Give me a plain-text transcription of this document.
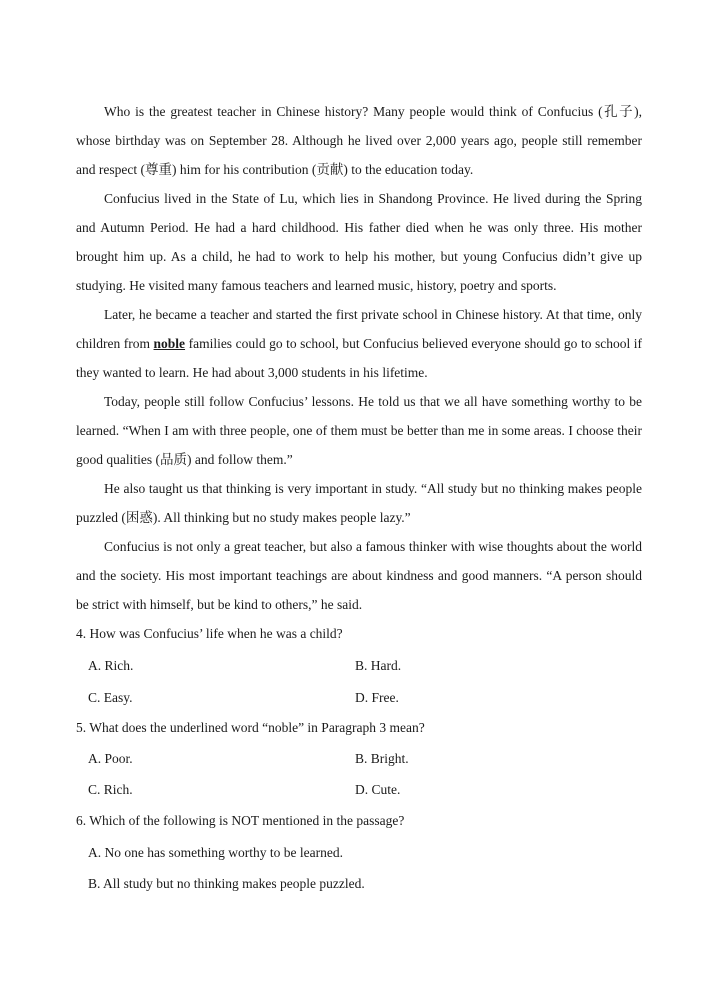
Who is the greatest teacher in Chinese history? Many people would think of Confucius (孔子), whose birthday was on September 28. Although he lived over 2,000 years ago, people still remember and respect (尊重) him for his contribution (贡献) to the education today.

Confucius lived in the State of Lu, which lies in Shandong Province. He lived during the Spring and Autumn Period. He had a hard childhood. His father died when he was only three. His mother brought him up. As a child, he had to work to help his mother, but young Confucius didn’t give up studying. He visited many famous teachers and learned music, history, poetry and sports.

Later, he became a teacher and started the first private school in Chinese history. At that time, only children from noble families could go to school, but Confucius believed everyone should go to school if they wanted to learn. He had about 3,000 students in his lifetime.

Today, people still follow Confucius’ lessons. He told us that we all have something worthy to be learned. “When I am with three people, one of them must be better than me in some areas. I choose their good qualities (品质) and follow them.”

He also taught us that thinking is very important in study. “All study but no thinking makes people puzzled (困惑). All thinking but no study makes people lazy.”

Confucius is not only a great teacher, but also a famous thinker with wise thoughts about the world and the society. His most important teachings are about kindness and good manners. “A person should be strict with himself, but be kind to others,” he said.

4. How was Confucius’ life when he was a child?
A. Rich.	B. Hard.
C. Easy.	D. Free.
5. What does the underlined word “noble” in Paragraph 3 mean?
A. Poor.	B. Bright.
C. Rich.	D. Cute.
6. Which of the following is NOT mentioned in the passage?
A. No one has something worthy to be learned.
B. All study but no thinking makes people puzzled.
